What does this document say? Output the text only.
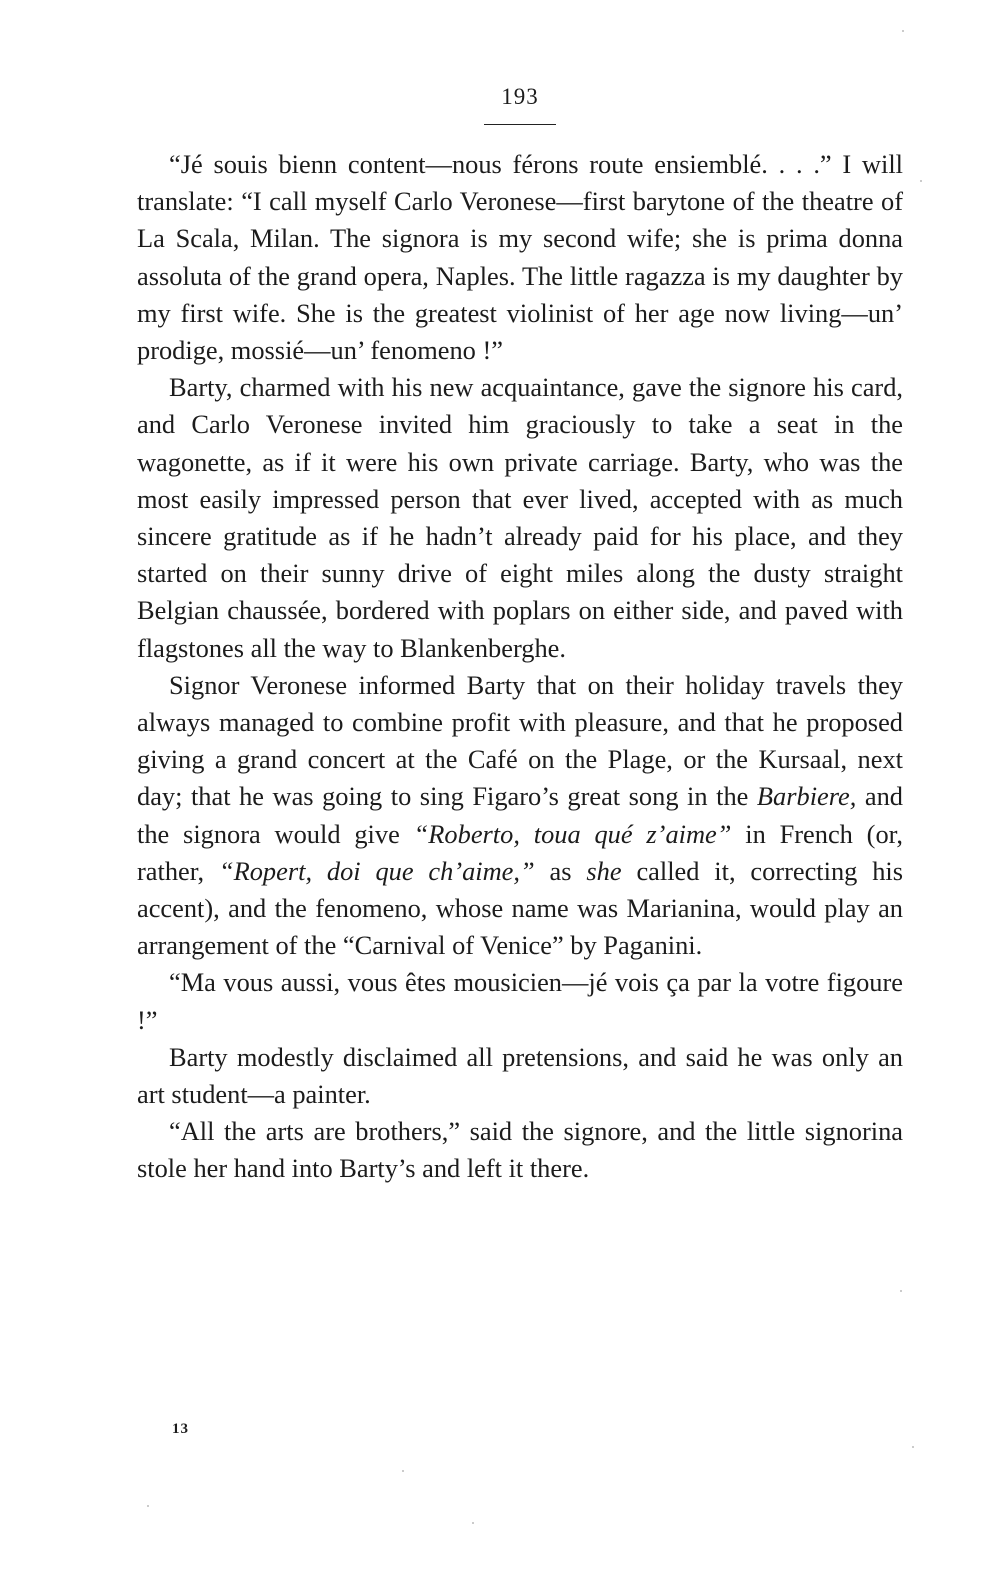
193

“Jé souis bienn content—nous férons route ensiemblé. . . .” I will translate: “I call myself Carlo Veronese—first barytone of the theatre of La Scala, Milan. The signora is my second wife; she is prima donna assoluta of the grand opera, Naples. The little ragazza is my daughter by my first wife. She is the greatest violinist of her age now living—un’ prodige, mossié—un’ fenomeno !”

Barty, charmed with his new acquaintance, gave the signore his card, and Carlo Veronese invited him graciously to take a seat in the wagonette, as if it were his own private carriage. Barty, who was the most easily impressed person that ever lived, accepted with as much sincere gratitude as if he hadn’t already paid for his place, and they started on their sunny drive of eight miles along the dusty straight Belgian chaussée, bordered with poplars on either side, and paved with flagstones all the way to Blankenberghe.

Signor Veronese informed Barty that on their holiday travels they always managed to combine profit with pleasure, and that he proposed giving a grand concert at the Café on the Plage, or the Kursaal, next day; that he was going to sing Figaro’s great song in the Barbiere, and the signora would give “Roberto, toua qué z’aime” in French (or, rather, “Ropert, doi que ch’aime,” as she called it, correcting his accent), and the fenomeno, whose name was Marianina, would play an arrangement of the “Carnival of Venice” by Paganini.

“Ma vous aussi, vous êtes mousicien—jé vois ça par la votre figoure !”

Barty modestly disclaimed all pretensions, and said he was only an art student—a painter.

“All the arts are brothers,” said the signore, and the little signorina stole her hand into Barty’s and left it there.

13
